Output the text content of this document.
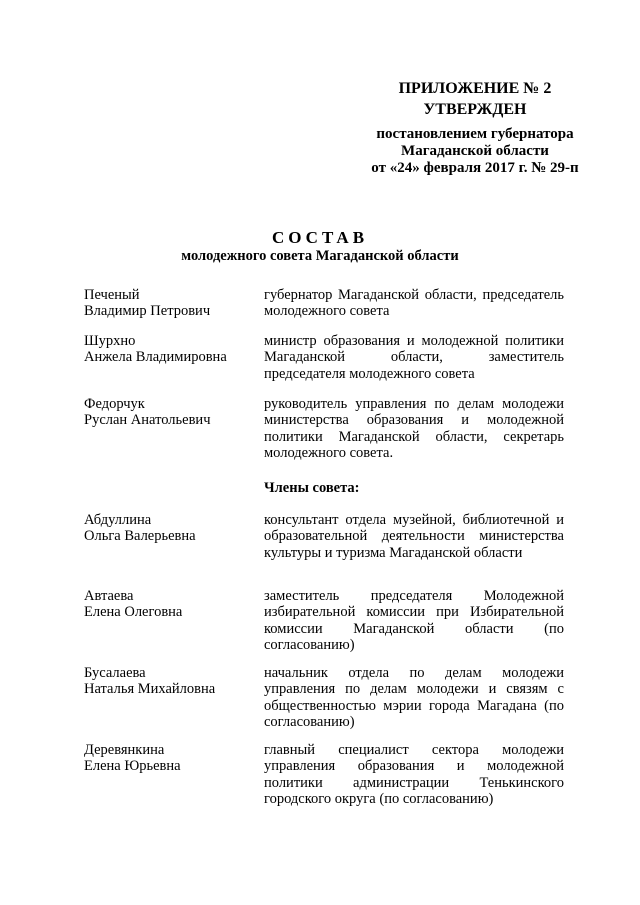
ПРИЛОЖЕНИЕ № 2
УТВЕРЖДЕН
постановлением губернатора
Магаданской области
от «24» февраля 2017 г. № 29-п
СОСТАВ
молодежного совета Магаданской области
Печеный
Владимир Петрович
губернатор Магаданской области, председатель молодежного совета
Шурхно
Анжела Владимировна
министр образования и молодежной политики Магаданской области, заместитель председателя молодежного совета
Федорчук
Руслан Анатольевич
руководитель управления по делам молодежи министерства образования и молодежной политики Магаданской области, секретарь молодежного совета.
Члены совета:
Абдуллина
Ольга Валерьевна
консультант отдела музейной, библиотечной и образовательной деятельности министерства культуры и туризма Магаданской области
Автаева
Елена Олеговна
заместитель председателя Молодежной избирательной комиссии при Избирательной комиссии Магаданской области (по согласованию)
Бусалаева
Наталья Михайловна
начальник отдела по делам молодежи управления по делам молодежи и связям с общественностью мэрии города Магадана (по согласованию)
Деревянкина
Елена Юрьевна
главный специалист сектора молодежи управления образования и молодежной политики администрации Тенькинского городского округа (по согласованию)
